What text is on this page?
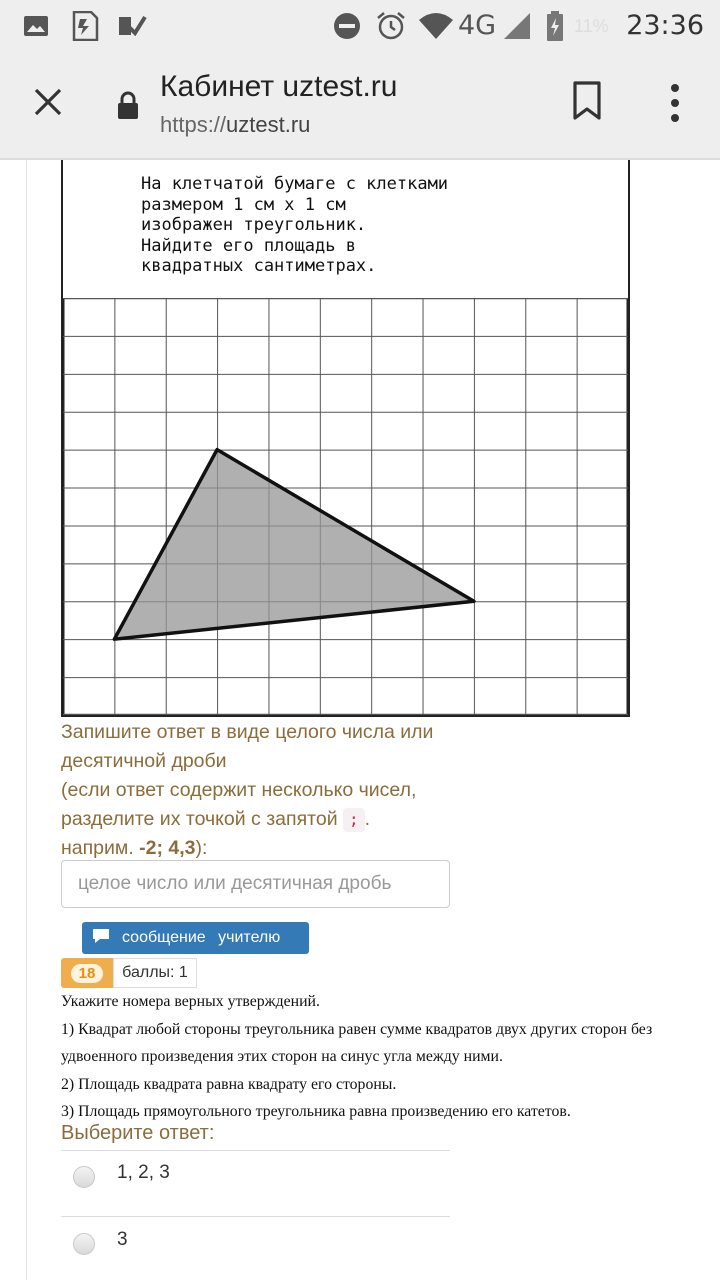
4G	11% 23:36
Кабинет uztest.ru
https://uztest.ru
На клетчатой бумаге с клетками
размером 1 см х 1 см
изображен треугольник.
Найдите его площадь в
квадратных сантиметрах.
Запишите ответ в виде целого числа или десятичной дроби
(если ответ содержит несколько чисел, разделите их точкой с запятой ; .
наприм. -2; 4,3):
целое число или десятичная дробь
сообщение учителю
18	баллы: 1
Укажите номера верных утверждений.
1) Квадрат любой стороны треугольника равен сумме квадратов двух других сторон без удвоенного произведения этих сторон на синус угла между ними.
2) Площадь квадрата равна квадрату его стороны.
3) Площадь прямоугольного треугольника равна произведению его катетов.
Выберите ответ:
1, 2, 3
3
